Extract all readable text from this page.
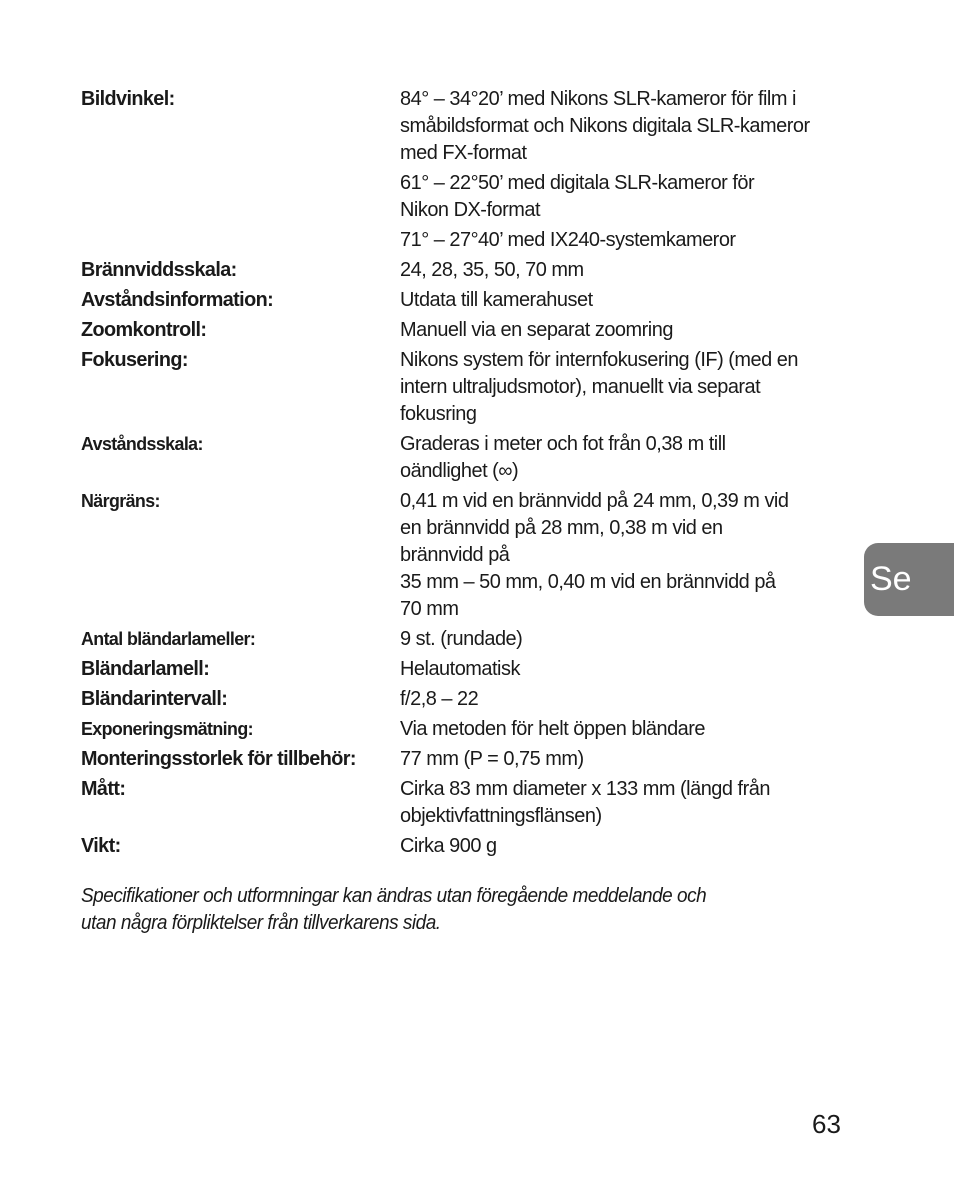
Bildvinkel:	84° – 34°20’ med Nikons SLR-kameror för film i
småbildsformat och Nikons digitala SLR-kameror
med FX-format
61° – 22°50’ med digitala SLR-kameror för
Nikon DX-format
71° – 27°40’ med IX240-systemkameror
Brännviddsskala:	24, 28, 35, 50, 70 mm
Avståndsinformation:	Utdata till kamerahuset
Zoomkontroll:	Manuell via en separat zoomring
Fokusering:	Nikons system för internfokusering (IF) (med en
intern ultraljudsmotor), manuellt via separat
fokusring
Avståndsskala:	Graderas i meter och fot från 0,38 m till
oändlighet (∞)
Närgräns:	0,41 m vid en brännvidd på 24 mm, 0,39 m vid
en brännvidd på 28 mm, 0,38 m vid en
brännvidd på
35 mm – 50 mm, 0,40 m vid en brännvidd på
70 mm
Antal bländarlameller:	9 st. (rundade)
Bländarlamell:	Helautomatisk
Bländarintervall:	f/2,8 – 22
Exponeringsmätning:	Via metoden för helt öppen bländare
Monteringsstorlek för tillbehör:	77 mm (P = 0,75 mm)
Mått:	Cirka 83 mm diameter x 133 mm (längd från
objektivfattningsflänsen)
Vikt:	Cirka 900 g
Specifikationer och utformningar kan ändras utan föregående meddelande och
utan några förpliktelser från tillverkarens sida.
Se
63
